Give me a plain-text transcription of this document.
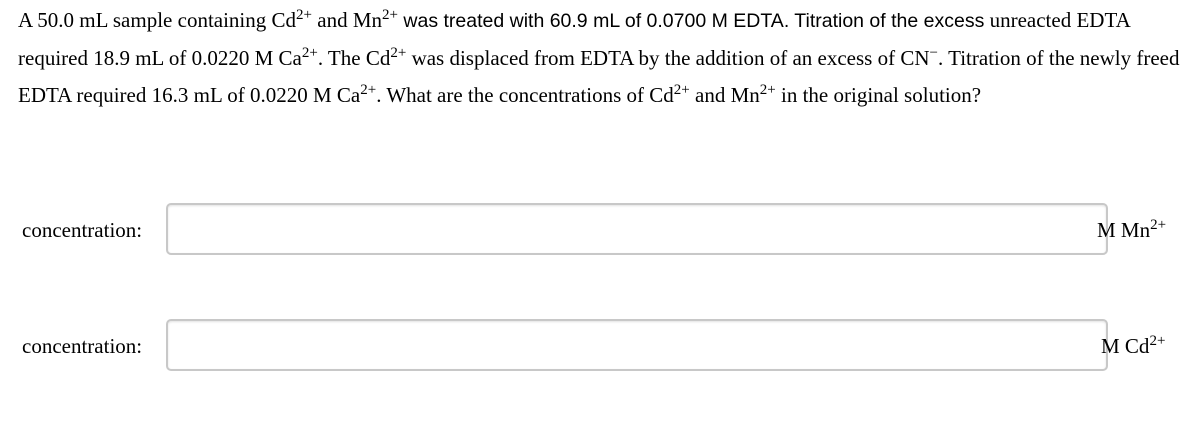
A 50.0 mL sample containing $Cd^{2+}$ and $Mn^{2+}$ was treated with 60.9 mL of 0.0700 M EDTA. Titration of the excess unreacted EDTA required 18.9 mL of 0.0220 M $Ca^{2+}$. The $Cd^{2+}$ was displaced from EDTA by the addition of an excess of CN−. Titration of the newly freed EDTA required 16.3 mL of 0.0220 M $Ca^{2+}$. What are the concentrations of $Cd^{2+}$ and $Mn^{2+}$ in the original solution?
concentration:	M $Mn^{2+}$
concentration:	M $Cd^{2+}$
